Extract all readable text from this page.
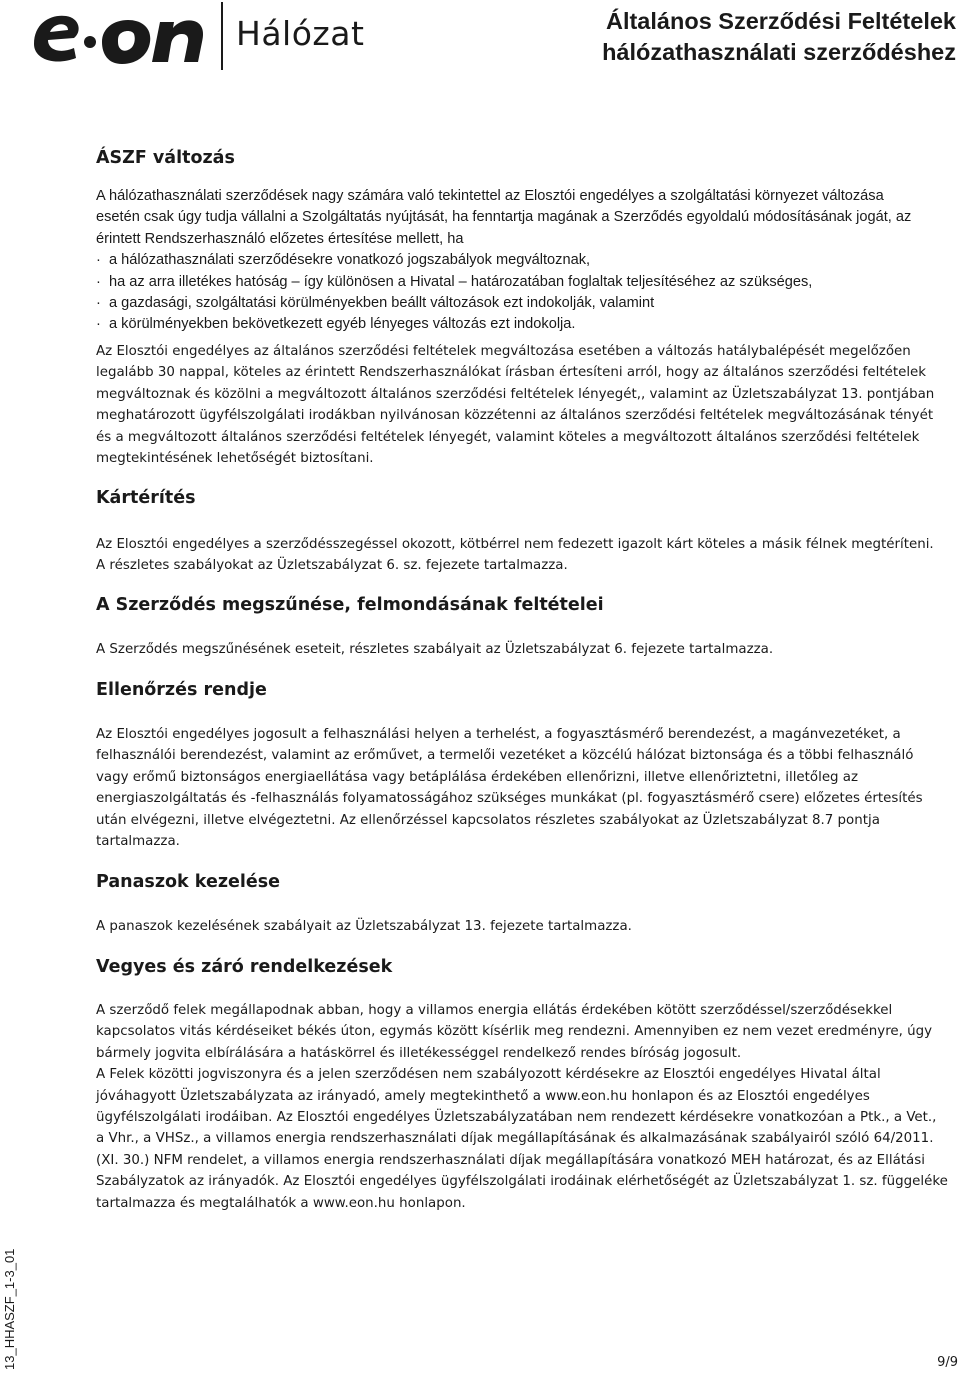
Hálózat	Általános Szerződési Feltételek
hálózathasználati szerződéshez
ÁSZF változás
A hálózathasználati szerződések nagy számára való tekintettel az Elosztói engedélyes a szolgáltatási környezet változása
esetén csak úgy tudja vállalni a Szolgáltatás nyújtását, ha fenntartja magának a Szerződés egyoldalú módosításának jogát, az
érintett Rendszerhasználó előzetes értesítése mellett, ha
· a hálózathasználati szerződésekre vonatkozó jogszabályok megváltoznak,
· ha az arra illetékes hatóság – így különösen a Hivatal – határozatában foglaltak teljesítéséhez az szükséges,
· a gazdasági, szolgáltatási körülményekben beállt változások ezt indokolják, valamint
· a körülményekben bekövetkezett egyéb lényeges változás ezt indokolja.
Az Elosztói engedélyes az általános szerződési feltételek megváltozása esetében a változás hatálybalépését megelőzően
legalább 30 nappal, köteles az érintett Rendszerhasználókat írásban értesíteni arról, hogy az általános szerződési feltételek
megváltoznak és közölni a megváltozott általános szerződési feltételek lényegét,, valamint az Üzletszabályzat 13. pontjában
meghatározott ügyfélszolgálati irodákban nyilvánosan közzétenni az általános szerződési feltételek megváltozásának tényét
és a megváltozott általános szerződési feltételek lényegét, valamint köteles a megváltozott általános szerződési feltételek
megtekintésének lehetőségét biztosítani.
Kártérítés
Az Elosztói engedélyes a szerződésszegéssel okozott, kötbérrel nem fedezett igazolt kárt köteles a másik félnek megtéríteni.
A részletes szabályokat az Üzletszabályzat 6. sz. fejezete tartalmazza.
A Szerződés megszűnése, felmondásának feltételei
A Szerződés megszűnésének eseteit, részletes szabályait az Üzletszabályzat 6. fejezete tartalmazza.
Ellenőrzés rendje
Az Elosztói engedélyes jogosult a felhasználási helyen a terhelést, a fogyasztásmérő berendezést, a magánvezetéket, a
felhasználói berendezést, valamint az erőművet, a termelői vezetéket a közcélú hálózat biztonsága és a többi felhasználó
vagy erőmű biztonságos energiaellátása vagy betáplálása érdekében ellenőrizni, illetve ellenőriztetni, illetőleg az
energiaszolgáltatás és -felhasználás folyamatosságához szükséges munkákat (pl. fogyasztásmérő csere) előzetes értesítés
után elvégezni, illetve elvégeztetni. Az ellenőrzéssel kapcsolatos részletes szabályokat az Üzletszabályzat 8.7 pontja
tartalmazza.
Panaszok kezelése
A panaszok kezelésének szabályait az Üzletszabályzat 13. fejezete tartalmazza.
Vegyes és záró rendelkezések
A szerződő felek megállapodnak abban, hogy a villamos energia ellátás érdekében kötött szerződéssel/szerződésekkel
kapcsolatos vitás kérdéseiket békés úton, egymás között kísérlik meg rendezni. Amennyiben ez nem vezet eredményre, úgy
bármely jogvita elbírálására a hatáskörrel és illetékességgel rendelkező rendes bíróság jogosult.
A Felek közötti jogviszonyra és a jelen szerződésen nem szabályozott kérdésekre az Elosztói engedélyes Hivatal által
jóváhagyott Üzletszabályzata az irányadó, amely megtekinthető a www.eon.hu honlapon és az Elosztói engedélyes
ügyfélszolgálati irodáiban. Az Elosztói engedélyes Üzletszabályzatában nem rendezett kérdésekre vonatkozóan a Ptk., a Vet.,
a Vhr., a VHSz., a villamos energia rendszerhasználati díjak megállapításának és alkalmazásának szabályairól szóló 64/2011.
(XI. 30.) NFM rendelet, a villamos energia rendszerhasználati díjak megállapítására vonatkozó MEH határozat, és az Ellátási
Szabályzatok az irányadók. Az Elosztói engedélyes ügyfélszolgálati irodáinak elérhetőségét az Üzletszabályzat 1. sz. függeléke
tartalmazza és megtalálhatók a www.eon.hu honlapon.
13_HHASZF_1-3_01	9/9
